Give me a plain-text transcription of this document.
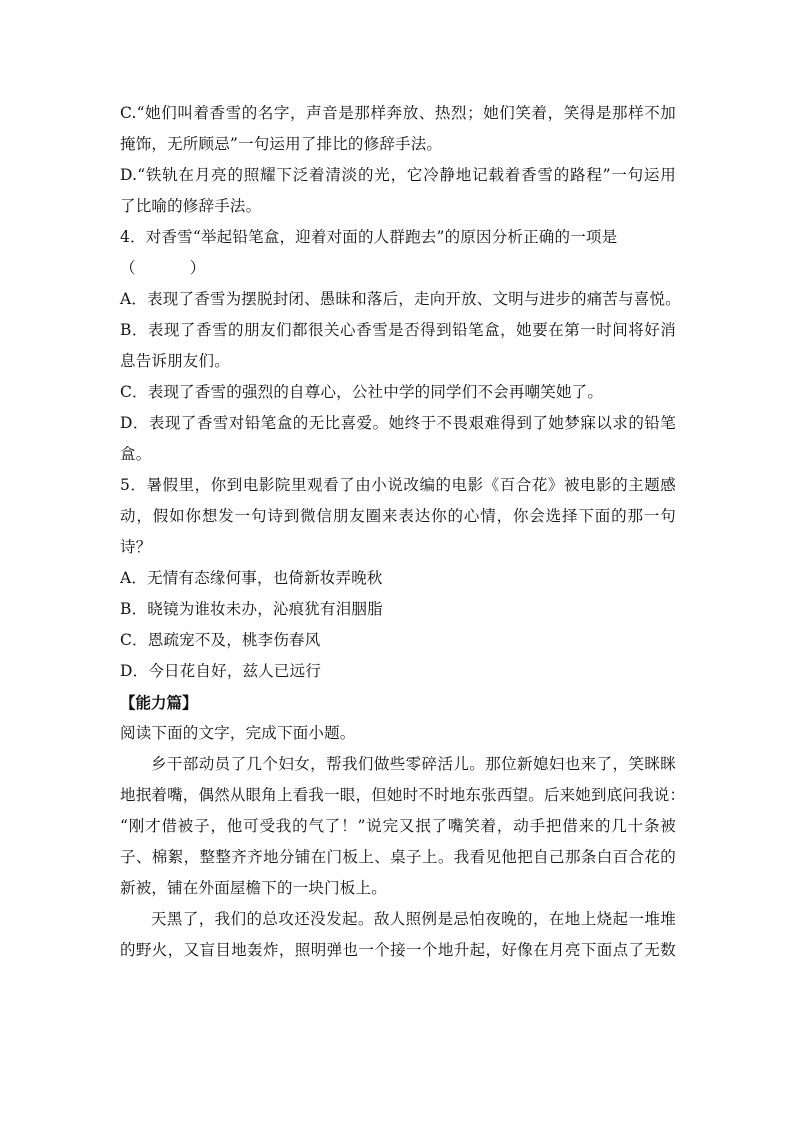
C.“她们叫着香雪的名字，声音是那样奔放、热烈；她们笑着，笑得是那样不加
掩饰，无所顾忌”一句运用了排比的修辞手法。
D.“铁轨在月亮的照耀下泛着清淡的光，它冷静地记载着香雪的路程”一句运用
了比喻的修辞手法。
4．对香雪“举起铅笔盒，迎着对面的人群跑去”的原因分析正确的一项是
（	）
A．表现了香雪为摆脱封闭、愚昧和落后，走向开放、文明与进步的痛苦与喜悦。
B．表现了香雪的朋友们都很关心香雪是否得到铅笔盒，她要在第一时间将好消
息告诉朋友们。
C．表现了香雪的强烈的自尊心，公社中学的同学们不会再嘲笑她了。
D．表现了香雪对铅笔盒的无比喜爱。她终于不畏艰难得到了她梦寐以求的铅笔
盒。
5．暑假里，你到电影院里观看了由小说改编的电影《百合花》被电影的主题感
动，假如你想发一句诗到微信朋友圈来表达你的心情，你会选择下面的那一句
诗？
A．无情有态缘何事，也倚新妆弄晚秋
B．晓镜为谁妆未办，沁痕犹有泪胭脂
C．恩疏宠不及，桃李伤春风
D．今日花自好，兹人已远行
【能力篇】
阅读下面的文字，完成下面小题。
乡干部动员了几个妇女，帮我们做些零碎活儿。那位新媳妇也来了，笑眯眯
地抿着嘴，偶然从眼角上看我一眼，但她时不时地东张西望。后来她到底问我说：
“刚才借被子，他可受我的气了！”说完又抿了嘴笑着，动手把借来的几十条被
子、棉絮，整整齐齐地分铺在门板上、桌子上。我看见他把自己那条白百合花的
新被，铺在外面屋檐下的一块门板上。
天黑了，我们的总攻还没发起。敌人照例是忌怕夜晚的，在地上烧起一堆堆
的野火，又盲目地轰炸，照明弹也一个接一个地升起，好像在月亮下面点了无数
